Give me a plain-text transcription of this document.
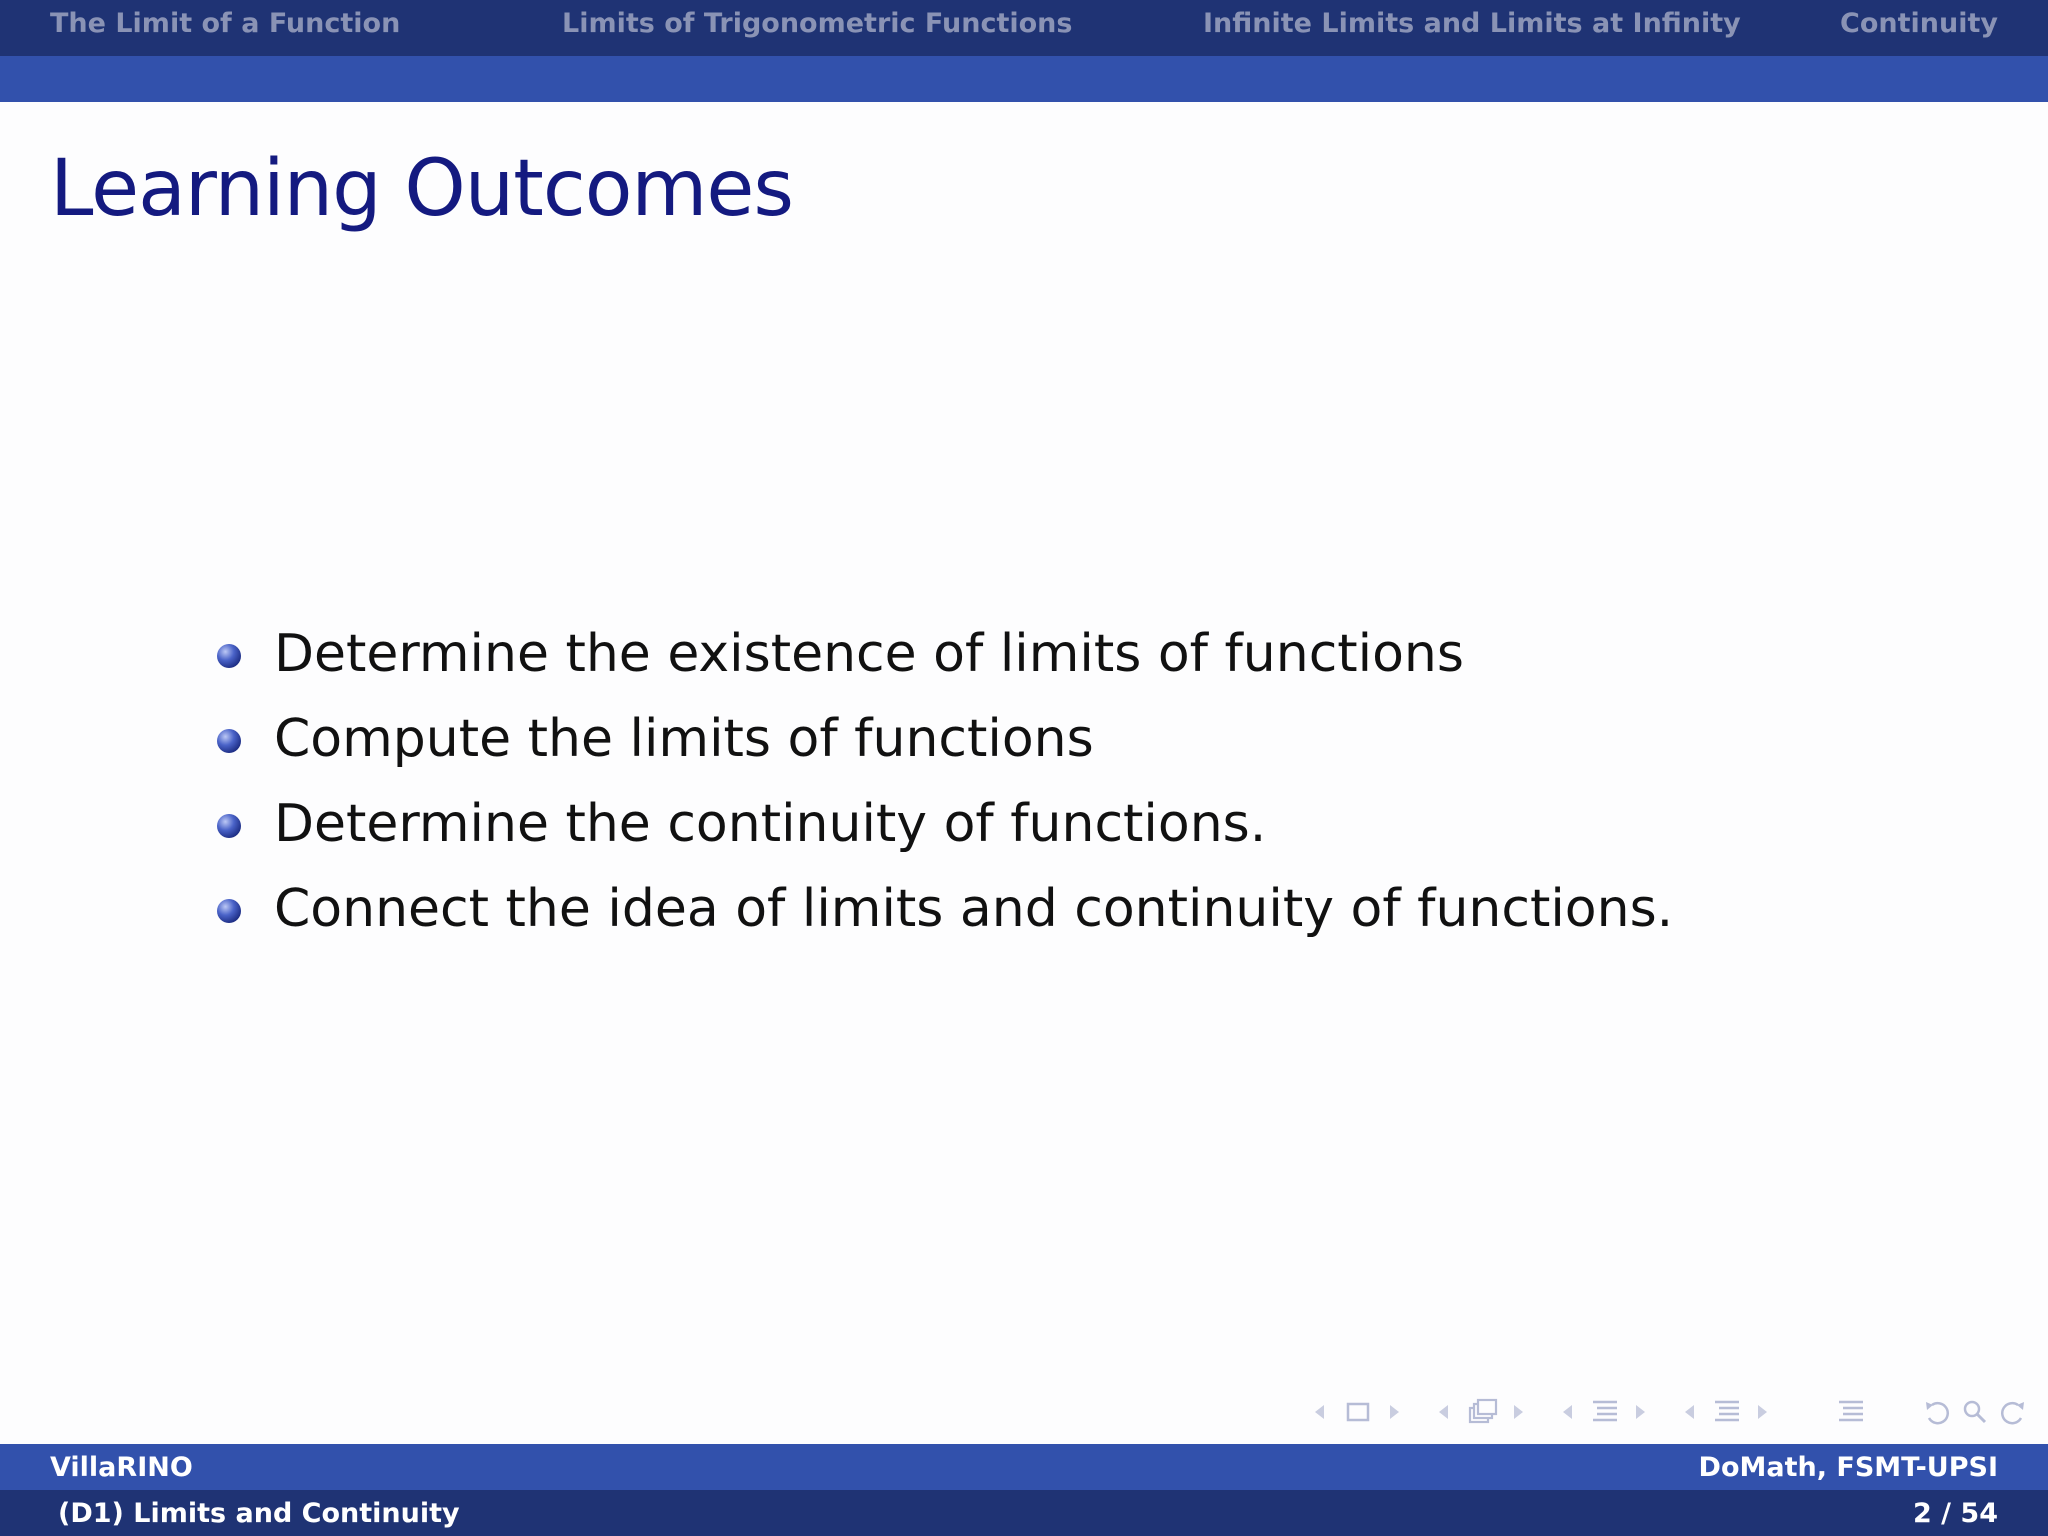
The Limit of a Function	Limits of Trigonometric Functions	Infinite Limits and Limits at Infinity	Continuity
Learning Outcomes
Determine the existence of limits of functions
Compute the limits of functions
Determine the continuity of functions.
Connect the idea of limits and continuity of functions.
VillaRINO	DoMath, FSMT-UPSI
(D1) Limits and Continuity	2 / 54
